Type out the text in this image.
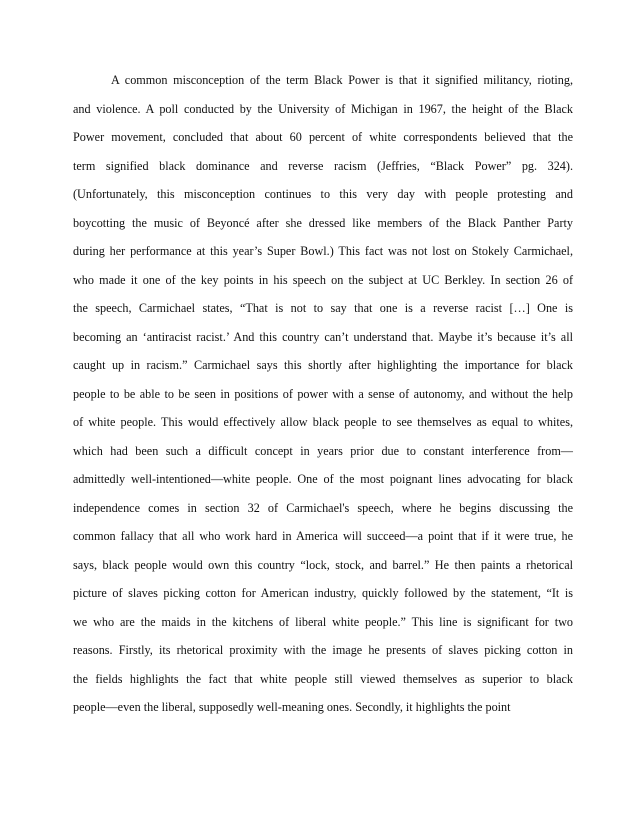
A common misconception of the term Black Power is that it signified militancy, rioting,
and violence. A poll conducted by the University of Michigan in 1967, the height of the Black
Power movement, concluded that about 60 percent of white correspondents believed that the
term signified black dominance and reverse racism (Jeffries, “Black Power” pg. 324).
(Unfortunately, this misconception continues to this very day with people protesting and
boycotting the music of Beyoncé after she dressed like members of the Black Panther Party
during her performance at this year’s Super Bowl.) This fact was not lost on Stokely Carmichael,
who made it one of the key points in his speech on the subject at UC Berkley. In section 26 of
the speech, Carmichael states, “That is not to say that one is a reverse racist […] One is
becoming an ‘antiracist racist.’ And this country can’t understand that. Maybe it’s because it’s all
caught up in racism.” Carmichael says this shortly after highlighting the importance for black
people to be able to be seen in positions of power with a sense of autonomy, and without the help
of white people. This would effectively allow black people to see themselves as equal to whites,
which had been such a difficult concept in years prior due to constant interference from—
admittedly well-intentioned—white people. One of the most poignant lines advocating for black
independence comes in section 32 of Carmichael's speech, where he begins discussing the
common fallacy that all who work hard in America will succeed—a point that if it were true, he
says, black people would own this country “lock, stock, and barrel.” He then paints a rhetorical
picture of slaves picking cotton for American industry, quickly followed by the statement, “It is
we who are the maids in the kitchens of liberal white people.” This line is significant for two
reasons. Firstly, its rhetorical proximity with the image he presents of slaves picking cotton in
the fields highlights the fact that white people still viewed themselves as superior to black
people—even the liberal, supposedly well-meaning ones. Secondly, it highlights the point
